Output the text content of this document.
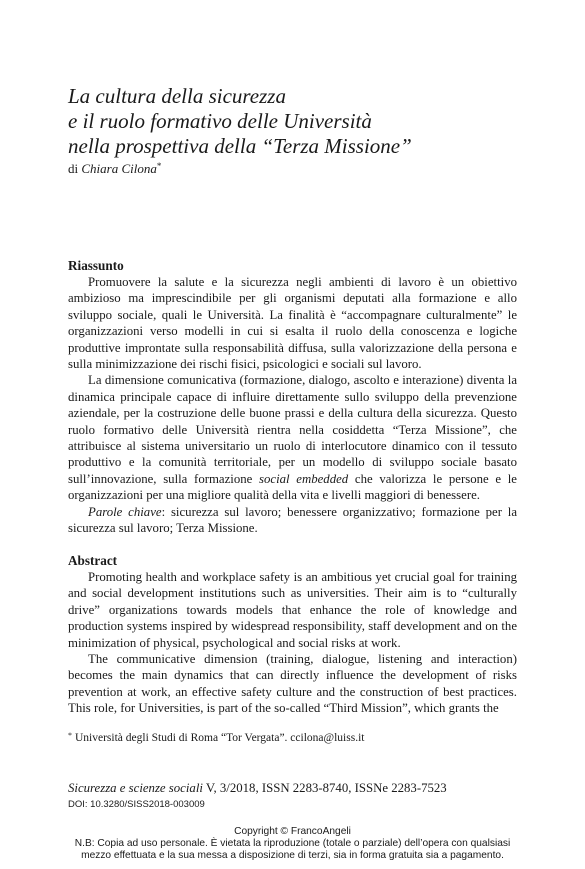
La cultura della sicurezza
e il ruolo formativo delle Università
nella prospettiva della “Terza Missione”
di Chiara Cilona*
Riassunto

Promuovere la salute e la sicurezza negli ambienti di lavoro è un obiettivo ambizioso ma imprescindibile per gli organismi deputati alla formazione e allo sviluppo sociale, quali le Università. La finalità è “accompagnare culturalmente” le organizzazioni verso modelli in cui si esalta il ruolo della conoscenza e logiche produttive improntate sulla responsabilità diffusa, sulla valorizzazione della persona e sulla minimizzazione dei rischi fisici, psicologici e sociali sul lavoro.

La dimensione comunicativa (formazione, dialogo, ascolto e interazione) diventa la dinamica principale capace di influire direttamente sullo sviluppo della prevenzione aziendale, per la costruzione delle buone prassi e della cultura della sicurezza. Questo ruolo formativo delle Università rientra nella cosiddetta “Terza Missione”, che attribuisce al sistema universitario un ruolo di interlocutore dinamico con il tessuto produttivo e la comunità territoriale, per un modello di sviluppo sociale basato sull’innovazione, sulla formazione social embedded che valorizza le persone e le organizzazioni per una migliore qualità della vita e livelli maggiori di benessere.

Parole chiave: sicurezza sul lavoro; benessere organizzativo; formazione per la sicurezza sul lavoro; Terza Missione.

Abstract

Promoting health and workplace safety is an ambitious yet crucial goal for training and social development institutions such as universities. Their aim is to “culturally drive” organizations towards models that enhance the role of knowledge and production systems inspired by widespread responsibility, staff development and on the minimization of physical, psychological and social risks at work.

The communicative dimension (training, dialogue, listening and interaction) becomes the main dynamics that can directly influence the development of risks prevention at work, an effective safety culture and the construction of best practices. This role, for Universities, is part of the so-called “Third Mission”, which grants the

* Università degli Studi di Roma “Tor Vergata”. ccilona@luiss.it
Sicurezza e scienze sociali V, 3/2018, ISSN 2283-8740, ISSNe 2283-7523
DOI: 10.3280/SISS2018-003009
Copyright © FrancoAngeli
N.B: Copia ad uso personale. È vietata la riproduzione (totale o parziale) dell’opera con qualsiasi
mezzo effettuata e la sua messa a disposizione di terzi, sia in forma gratuita sia a pagamento.
